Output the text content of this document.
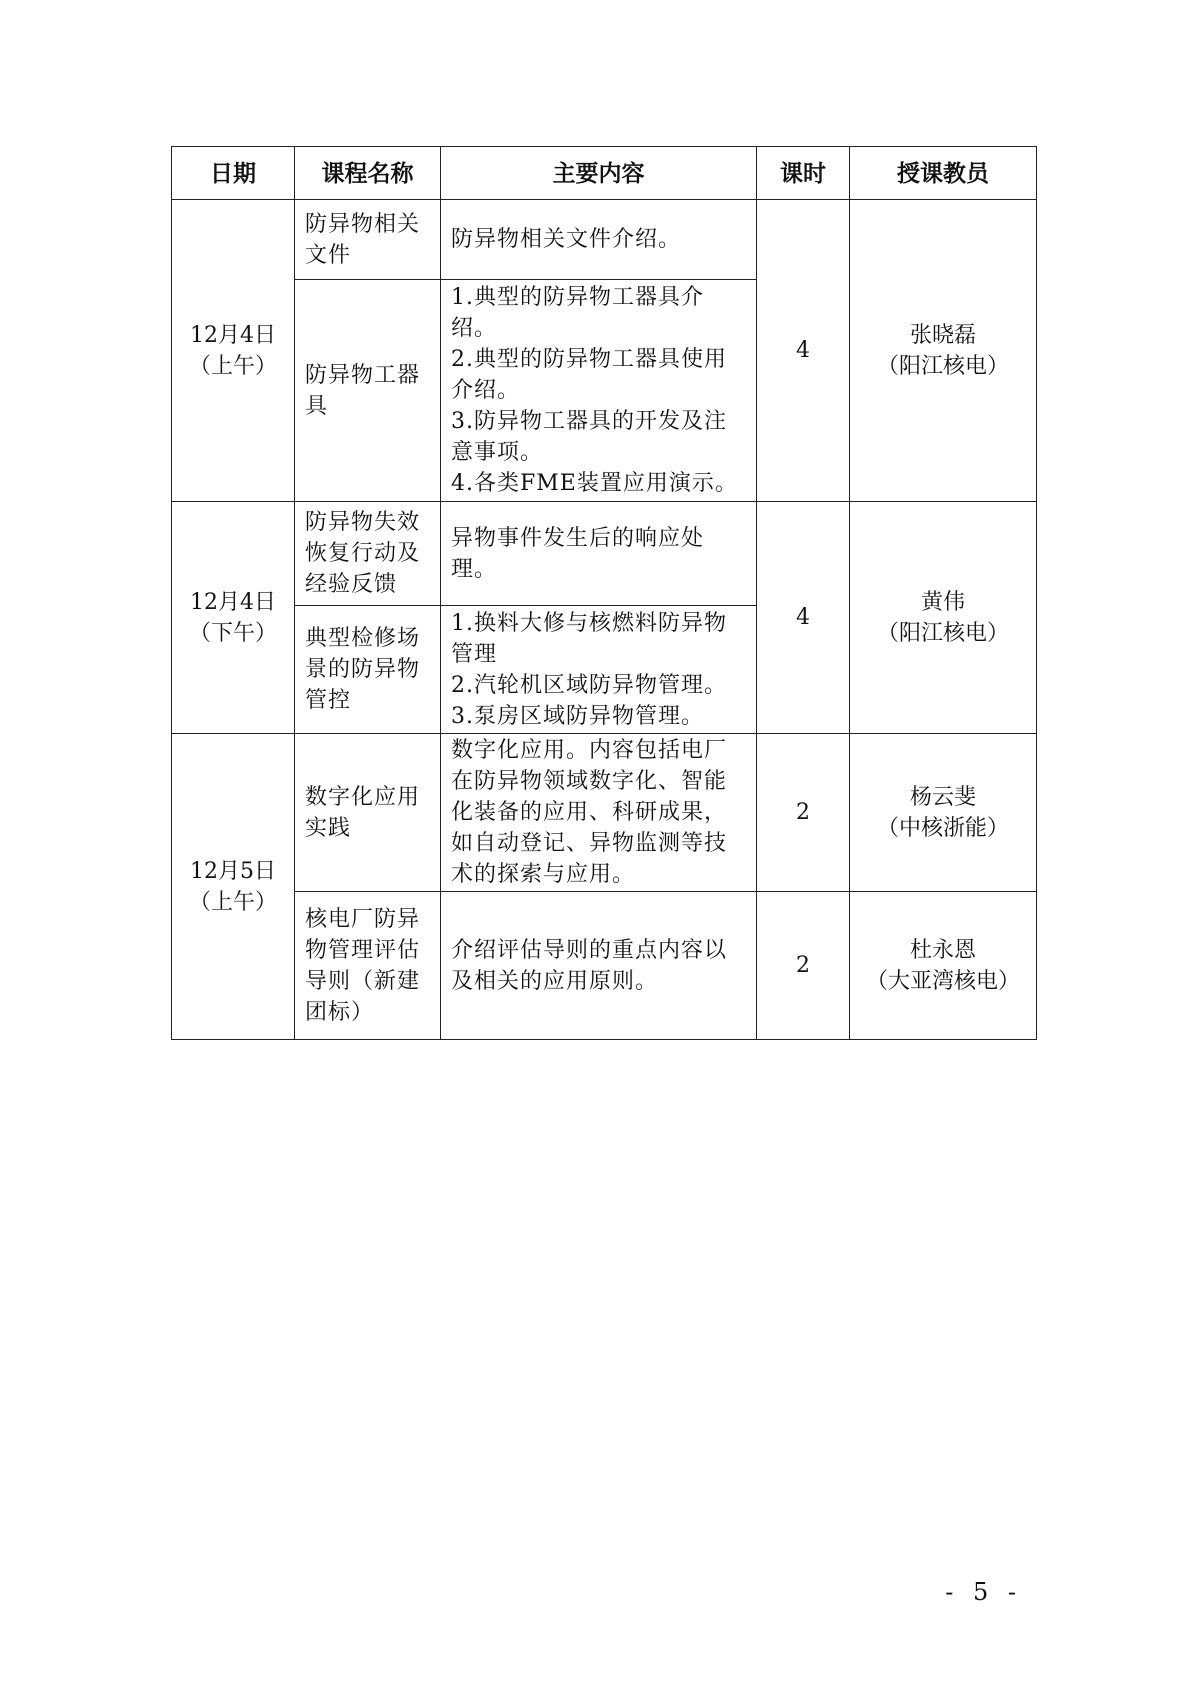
日期	课程名称	主要内容	课时	授课教员

12月4日
（上午）	防异物相关文件	防异物相关文件介绍。	4	张晓磊
（阳江核电）

	防异物工器具	1.典型的防异物工器具介绍。
2.典型的防异物工器具使用介绍。
3.防异物工器具的开发及注意事项。
4.各类FME装置应用演示。		

12月4日
（下午）	防异物失效恢复行动及经验反馈	异物事件发生后的响应处理。	4	黄伟
（阳江核电）

	典型检修场景的防异物管控	1.换料大修与核燃料防异物管理
2.汽轮机区域防异物管理。
3.泵房区域防异物管理。		

12月5日
（上午）	数字化应用实践	数字化应用。内容包括电厂在防异物领域数字化、智能化装备的应用、科研成果，如自动登记、异物监测等技术的探索与应用。	2	杨云斐
（中核浙能）

	核电厂防异物管理评估导则（新建团标）	介绍评估导则的重点内容以及相关的应用原则。	2	杜永恩
（大亚湾核电）
- 5 -
